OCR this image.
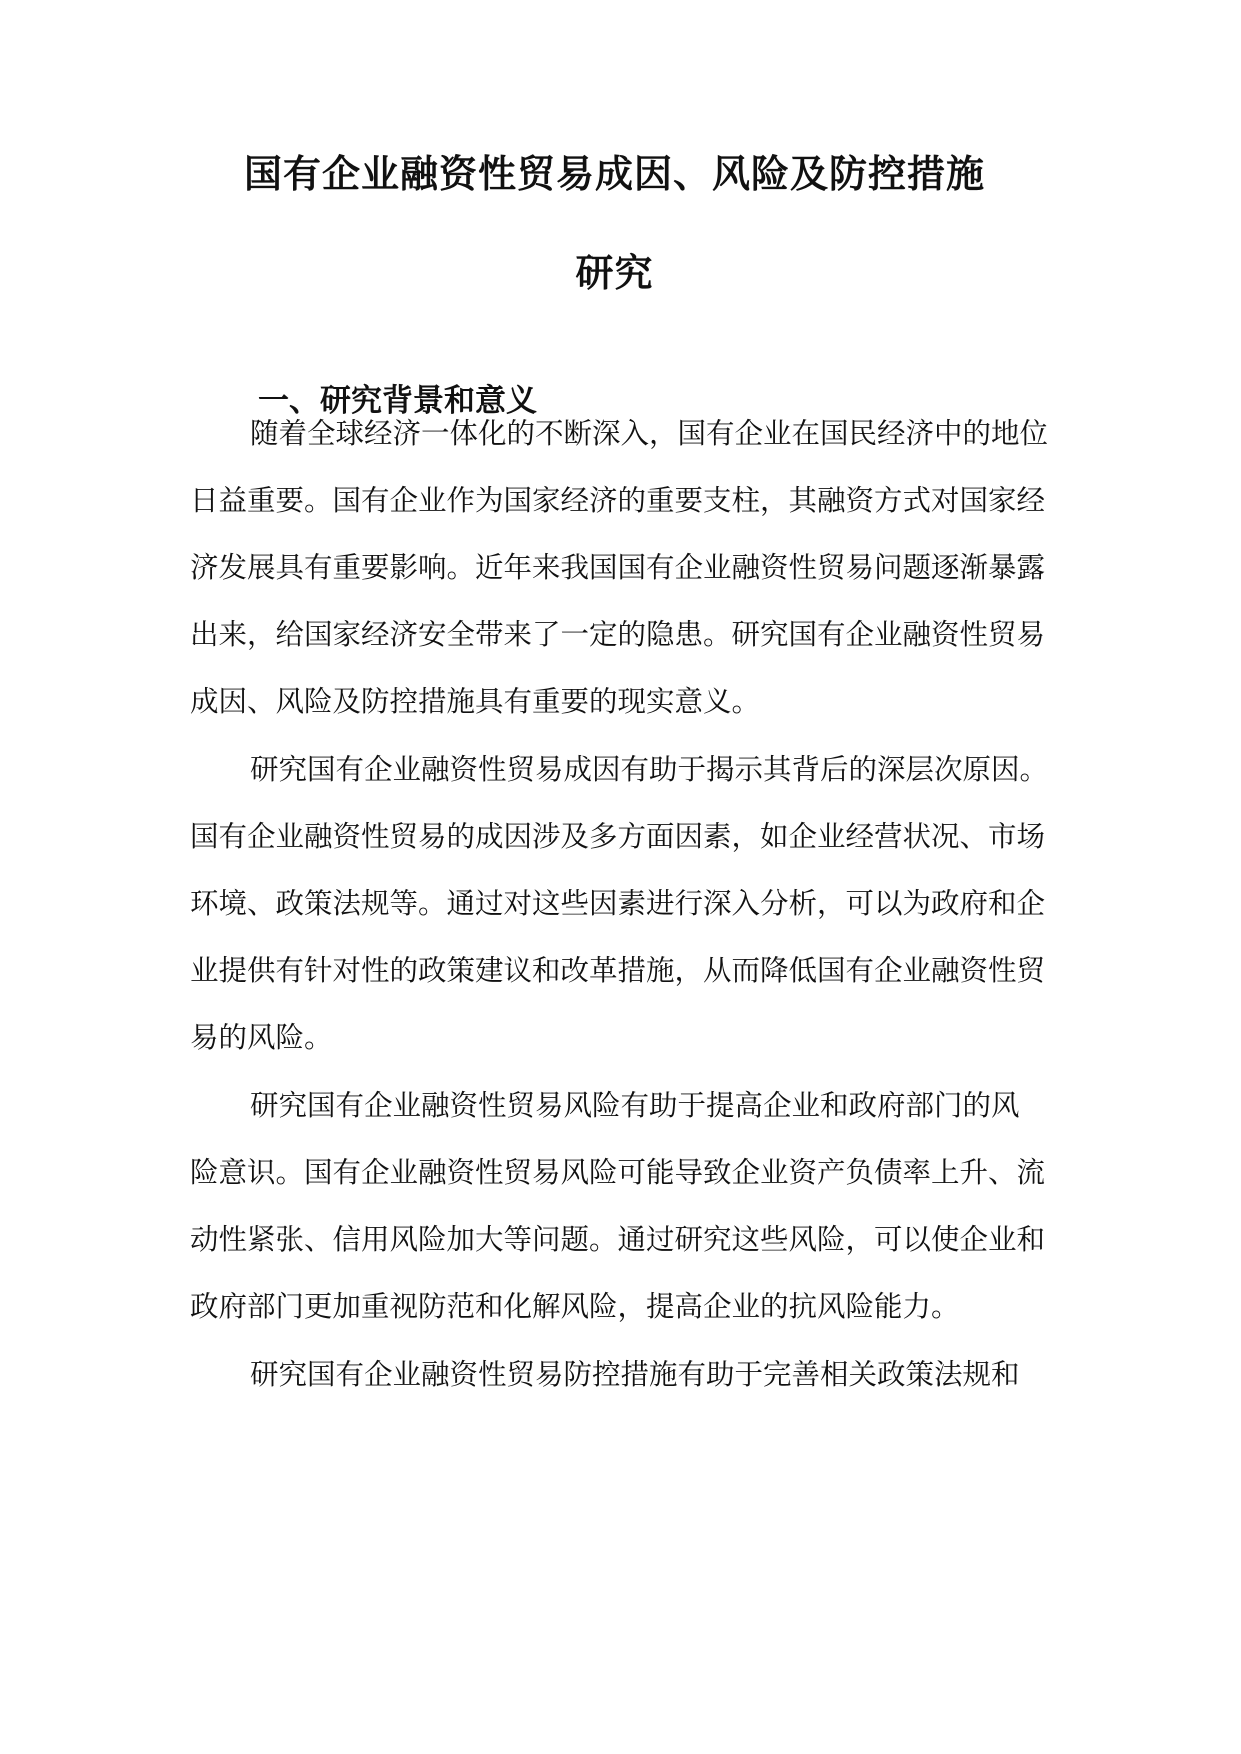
国有企业融资性贸易成因、风险及防控措施
研究
一、研究背景和意义
随着全球经济一体化的不断深入，国有企业在国民经济中的地位
日益重要。国有企业作为国家经济的重要支柱，其融资方式对国家经
济发展具有重要影响。近年来我国国有企业融资性贸易问题逐渐暴露
出来，给国家经济安全带来了一定的隐患。研究国有企业融资性贸易
成因、风险及防控措施具有重要的现实意义。
研究国有企业融资性贸易成因有助于揭示其背后的深层次原因。
国有企业融资性贸易的成因涉及多方面因素，如企业经营状况、市场
环境、政策法规等。通过对这些因素进行深入分析，可以为政府和企
业提供有针对性的政策建议和改革措施，从而降低国有企业融资性贸
易的风险。
研究国有企业融资性贸易风险有助于提高企业和政府部门的风
险意识。国有企业融资性贸易风险可能导致企业资产负债率上升、流
动性紧张、信用风险加大等问题。通过研究这些风险，可以使企业和
政府部门更加重视防范和化解风险，提高企业的抗风险能力。
研究国有企业融资性贸易防控措施有助于完善相关政策法规和
